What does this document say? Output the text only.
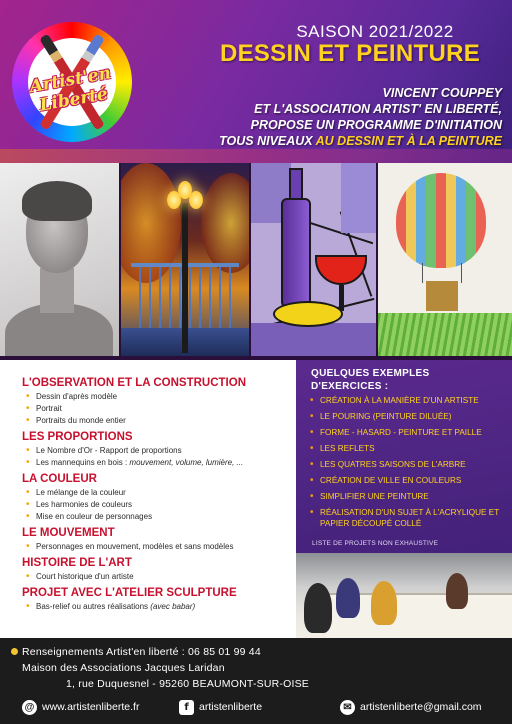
Artist'en Liberté
SAISON 2021/2022
DESSIN ET PEINTURE
VINCENT COUPPEY
ET L'ASSOCIATION ARTIST' EN LIBERTÉ,
PROPOSE UN PROGRAMME D'INITIATION
TOUS NIVEAUX AU DESSIN ET À LA PEINTURE
L'OBSERVATION ET LA CONSTRUCTION
• Dessin d'après modèle
• Portrait
• Portraits du monde entier
LES PROPORTIONS
• Le Nombre d'Or - Rapport de proportions
• Les mannequins en bois : mouvement, volume, lumière, ...
LA COULEUR
• Le mélange de la couleur
• Les harmonies de couleurs
• Mise en couleur de personnages
LE MOUVEMENT
• Personnages en mouvement, modèles et sans modèles
HISTOIRE DE L'ART
• Court historique d'un artiste
PROJET AVEC L'ATELIER SCULPTURE
• Bas-relief ou autres réalisations (avec babar)
QUELQUES EXEMPLES
D'EXERCICES :
• CRÉATION À LA MANIÈRE D'UN ARTISTE
• LE POURING (PEINTURE DILUÉE)
• FORME - HASARD - PEINTURE ET PAILLE
• LES REFLETS
• LES QUATRES SAISONS DE L'ARBRE
• CRÉATION DE VILLE EN COULEURS
• SIMPLIFIER UNE PEINTURE
• RÉALISATION D'UN SUJET À L'ACRYLIQUE ET PAPIER DÉCOUPÉ COLLÉ
LISTE DE PROJETS NON EXHAUSTIVE
Renseignements Artist'en liberté : 06 85 01 99 44
Maison des Associations Jacques Laridan
1, rue Duquesnel - 95260 BEAUMONT-SUR-OISE
@ www.artistenliberte.fr	f artistenliberte	✉ artistenliberte@gmail.com
